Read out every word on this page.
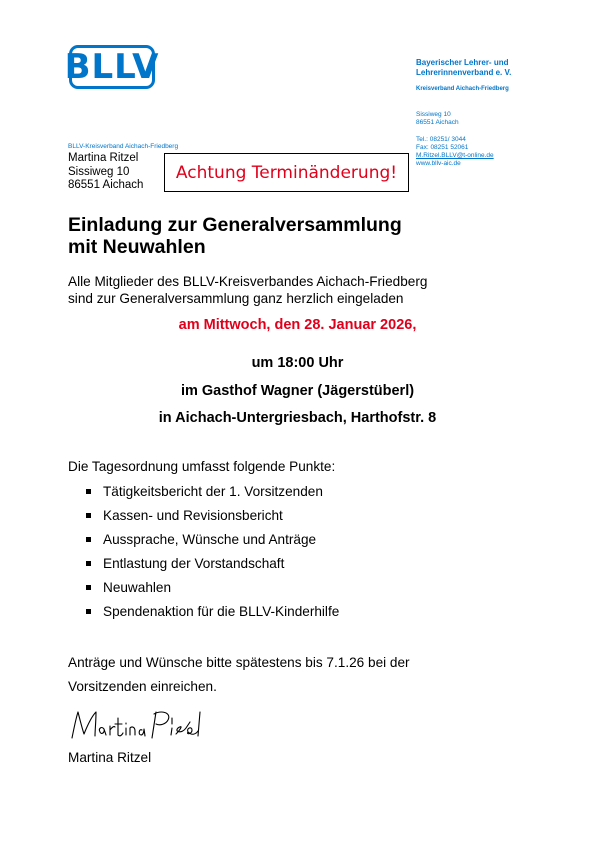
BLLV	Bayerischer Lehrer- und
Lehrerinnenverband e. V.
Kreisverband Aichach-Friedberg
Sissiweg 10
86551 Aichach
Tel.: 08251/ 3044
Fax: 08251 52061
M.Ritzel.BLLV@t-online.de
www.bllv-aic.de
BLLV-Kreisverband Aichach-Friedberg
Martina Ritzel
Sissiweg 10
86551 Aichach
Achtung Terminänderung!
Einladung zur Generalversammlung
mit Neuwahlen
Alle Mitglieder des BLLV-Kreisverbandes Aichach-Friedberg
sind zur Generalversammlung ganz herzlich eingeladen
am Mittwoch, den 28. Januar 2026,
um 18:00 Uhr
im Gasthof Wagner (Jägerstüberl)
in Aichach-Untergriesbach, Harthofstr. 8
Die Tagesordnung umfasst folgende Punkte:
Tätigkeitsbericht der 1. Vorsitzenden
Kassen- und Revisionsbericht
Aussprache, Wünsche und Anträge
Entlastung der Vorstandschaft
Neuwahlen
Spendenaktion für die BLLV-Kinderhilfe
Anträge und Wünsche bitte spätestens bis 7.1.26 bei der
Vorsitzenden einreichen.
Martina Ritzel
